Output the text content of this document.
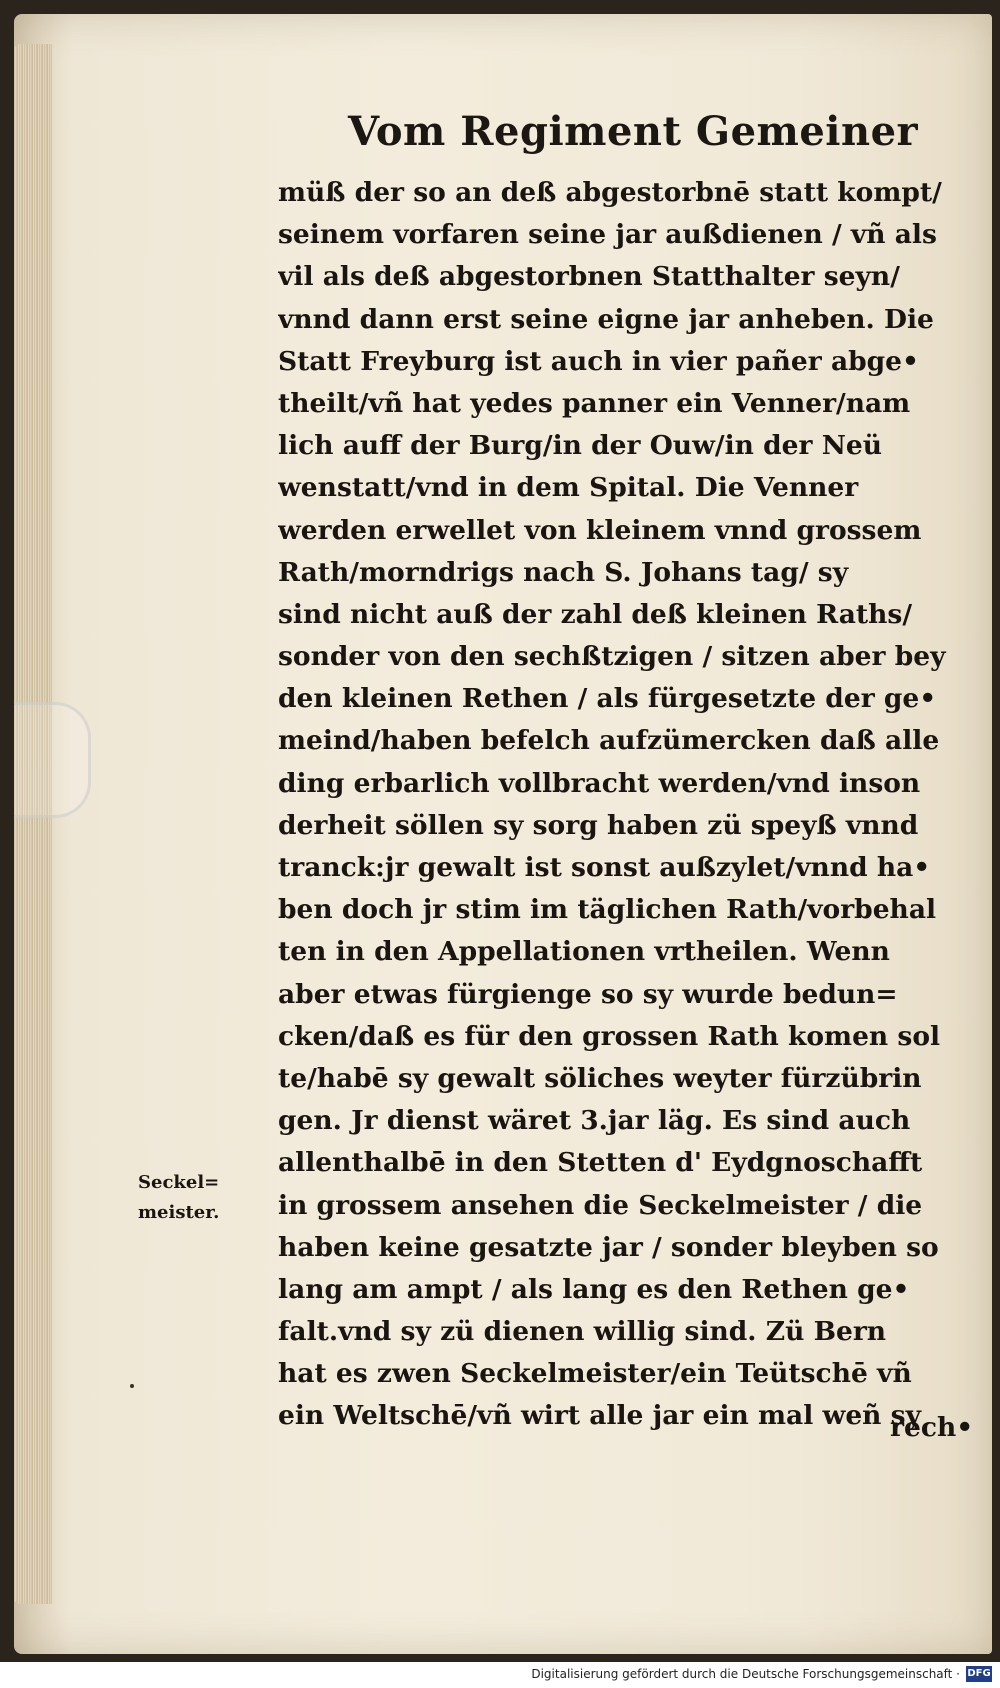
Vom Regiment Gemeiner
müß der so an deß abgestorbnē statt kompt/
seinem vorfaren seine jar außdienen / vñ als
vil als deß abgestorbnen Statthalter seyn/
vnnd dann erst seine eigne jar anheben. Die
Statt Freyburg ist auch in vier pañer abge•
theilt/vñ hat yedes panner ein Venner/nam
lich auff der Burg/in der Ouw/in der Neü
wenstatt/vnd in dem Spital. Die Venner
werden erwellet von kleinem vnnd grossem
Rath/morndrigs nach S. Johans tag/ sy
sind nicht auß der zahl deß kleinen Raths/
sonder von den sechßtzigen / sitzen aber bey
den kleinen Rethen / als fürgesetzte der ge•
meind/haben befelch aufzümercken daß alle
ding erbarlich vollbracht werden/vnd inson
derheit söllen sy sorg haben zü speyß vnnd
tranck:jr gewalt ist sonst außzylet/vnnd ha•
ben doch jr stim im täglichen Rath/vorbehal
ten in den Appellationen vrtheilen. Wenn
aber etwas fürgienge so sy wurde bedun=
cken/daß es für den grossen Rath komen sol
te/habē sy gewalt söliches weyter fürzübrin
gen. Jr dienst wäret 3.jar läg. Es sind auch
allenthalbē in den Stetten d' Eydgnoschafft
in grossem ansehen die Seckelmeister / die
haben keine gesatzte jar / sonder bleyben so
lang am ampt / als lang es den Rethen ge•
falt.vnd sy zü dienen willig sind. Zü Bern
hat es zwen Seckelmeister/ein Teütschē vñ
ein Weltschē/vñ wirt alle jar ein mal weñ sy
rech•
Seckel=
meister.
Digitalisierung gefördert durch die Deutsche Forschungsgemeinschaft · DFG
